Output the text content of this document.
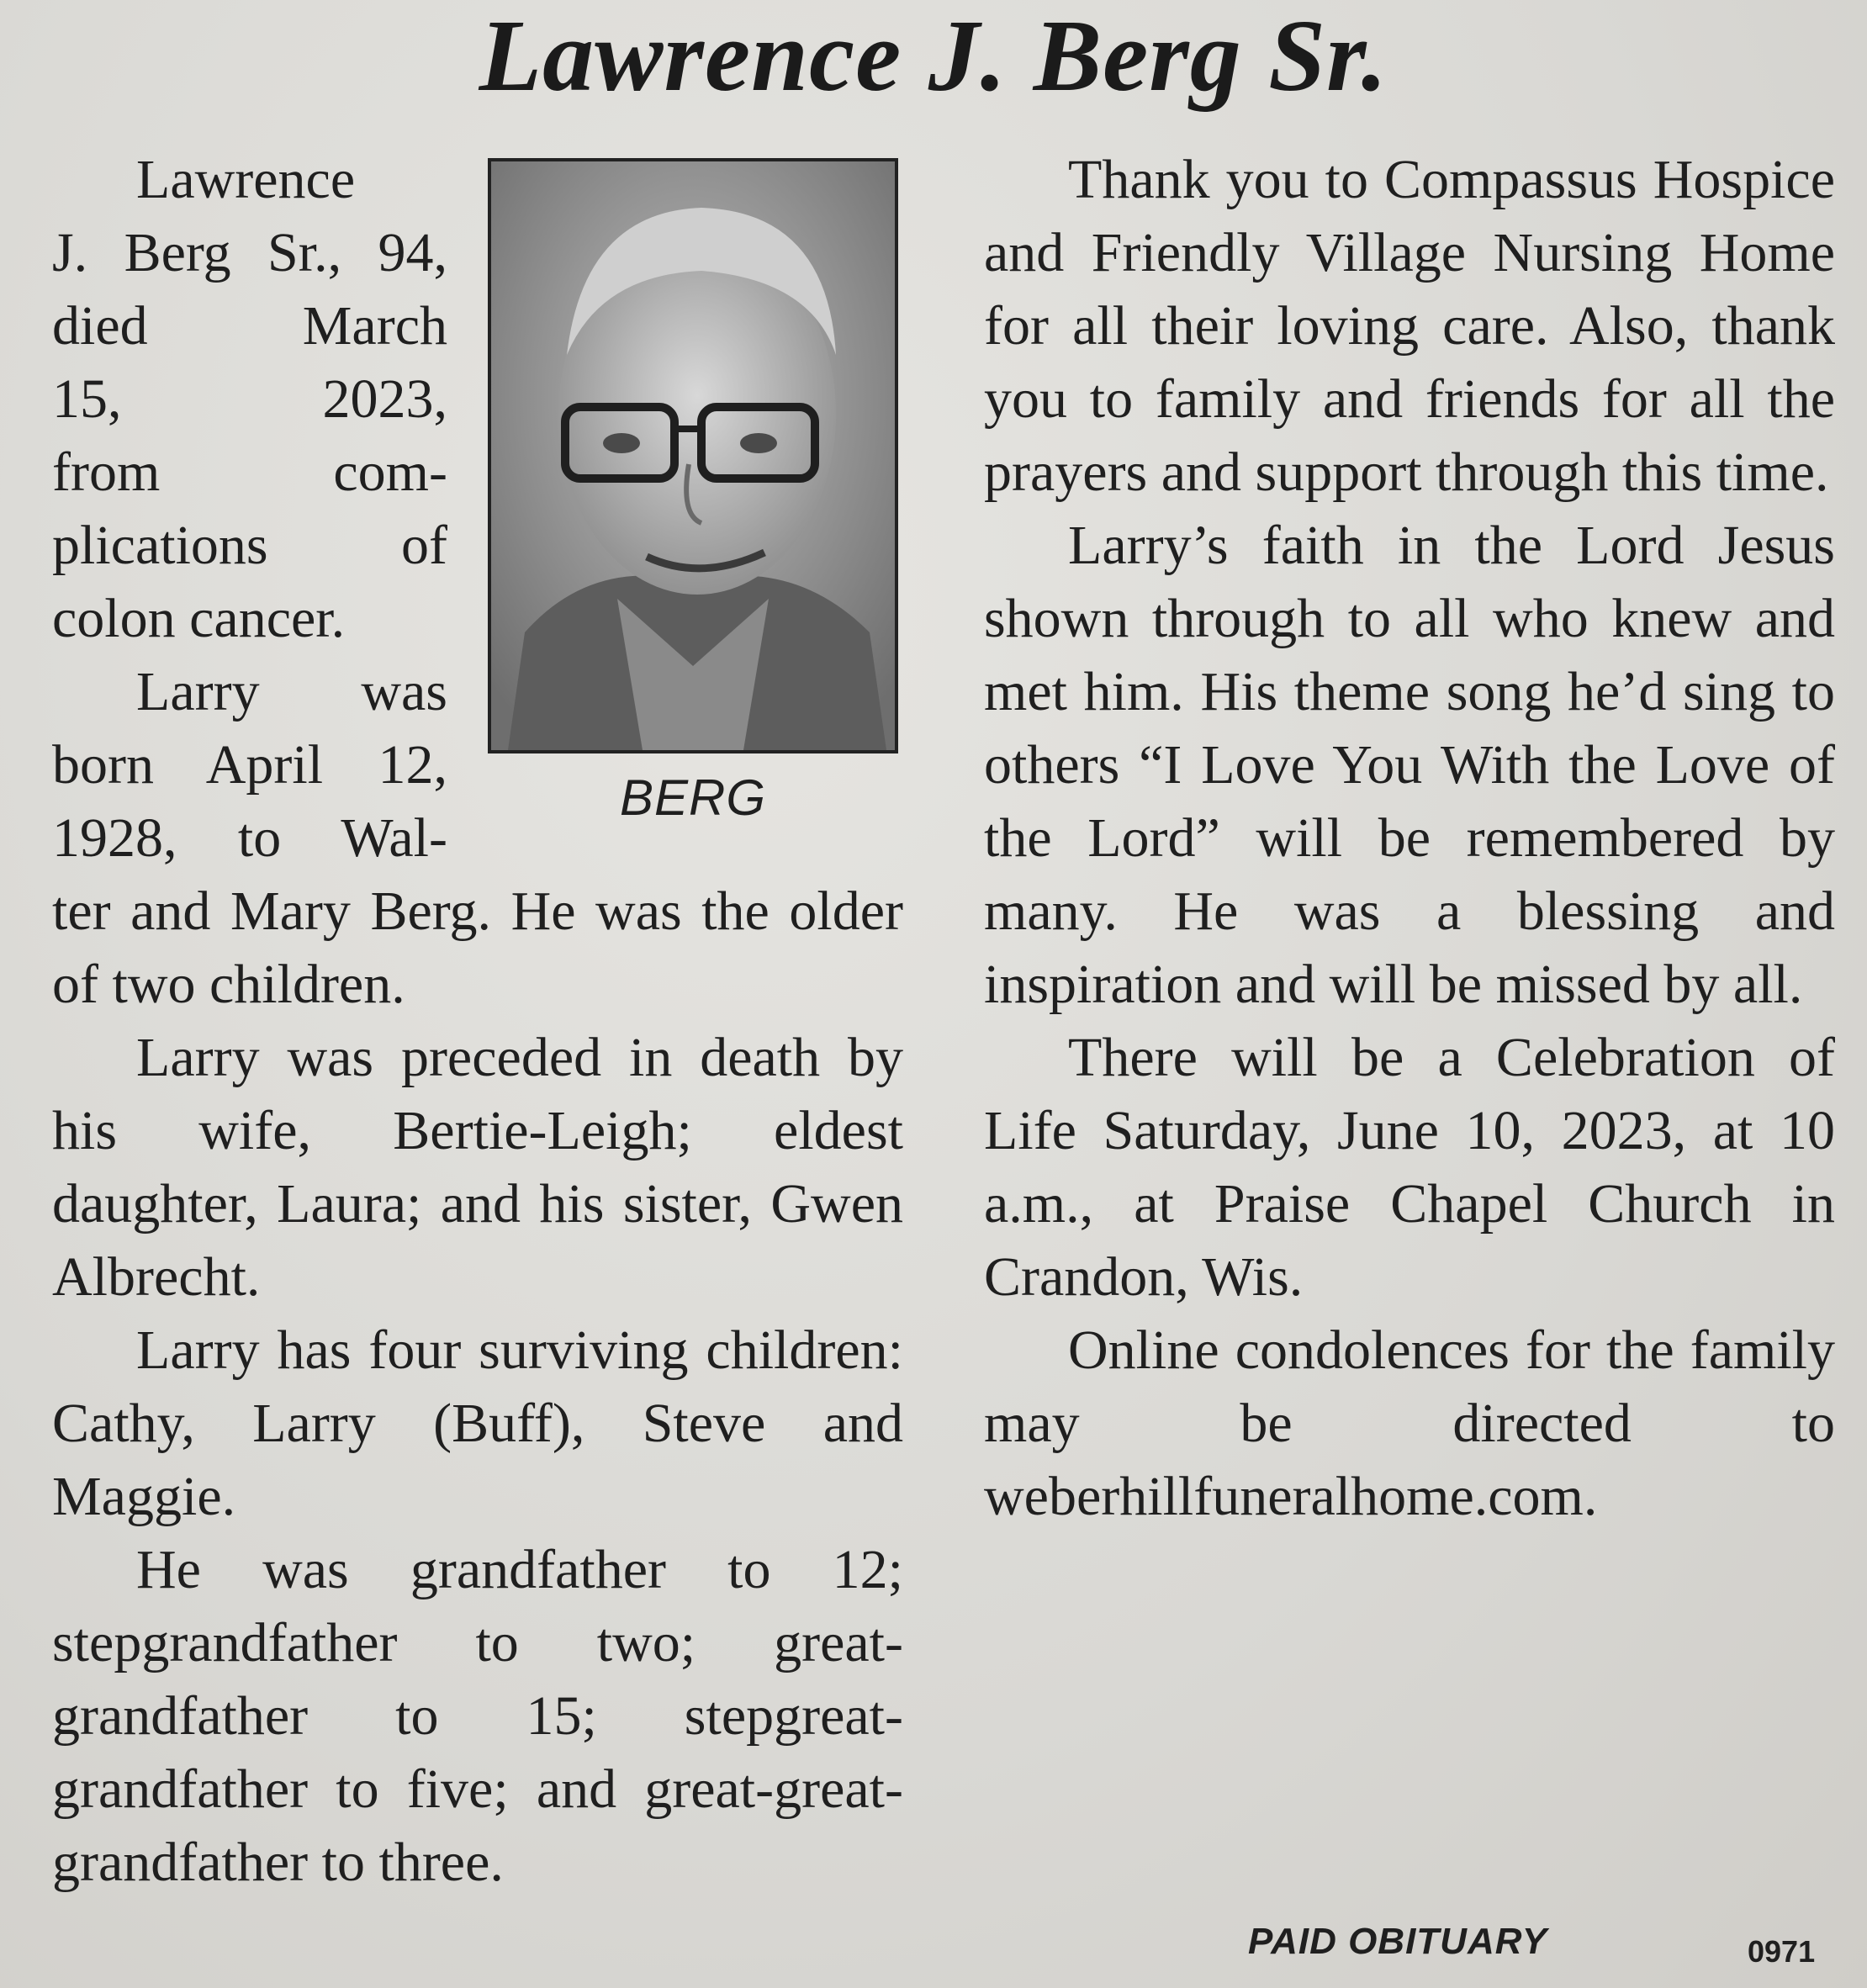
Lawrence J. Berg Sr.
BERG
Lawrence
J. Berg Sr., 94,
died March
15, 2023,
from com-
plications of
colon cancer.
Larry was
born April 12,
1928, to Wal-

ter and Mary Berg. He was the older of two children.

Larry was preceded in death by his wife, Bertie-Leigh; eldest daughter, Laura; and his sister, Gwen Albrecht.

Larry has four surviving children: Cathy, Larry (Buff), Steve and Maggie.

He was grandfather to 12; stepgrandfather to two; great-grandfather to 15; stepgreat-grandfather to five; and great-great-grandfather to three.

Thank you to Compassus Hospice and Friendly Village Nursing Home for all their loving care. Also, thank you to family and friends for all the prayers and support through this time.

Larry’s faith in the Lord Jesus shown through to all who knew and met him. His theme song he’d sing to others “I Love You With the Love of the Lord” will be remembered by many. He was a blessing and inspiration and will be missed by all.

There will be a Celebration of Life Saturday, June 10, 2023, at 10 a.m., at Praise Chapel Church in Crandon, Wis.

Online condolences for the family may be directed to weberhillfuneralhome.com.

PAID OBITUARY	0971
